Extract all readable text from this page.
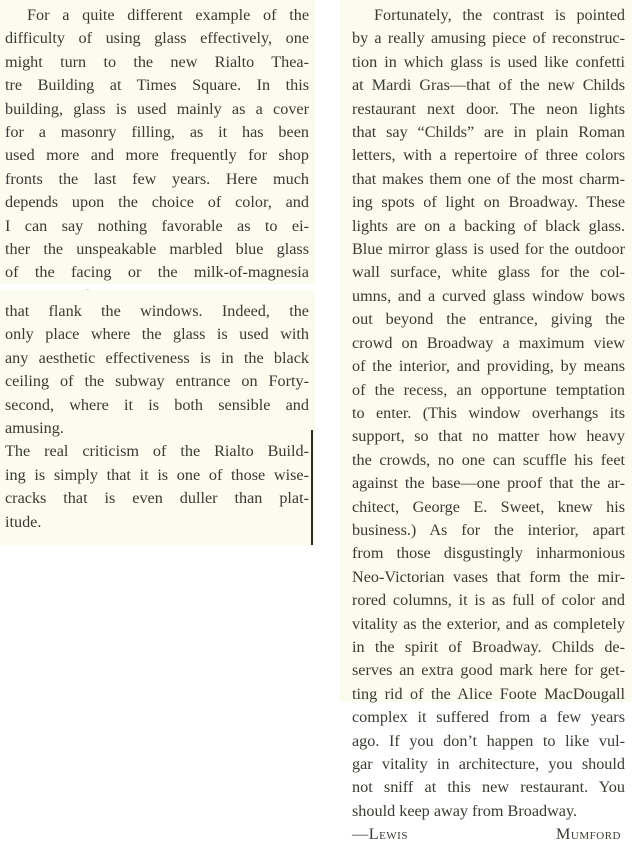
For a quite different example of the
difficulty of using glass effectively, one
might turn to the new Rialto Thea-
tre Building at Times Square. In this
building, glass is used mainly as a cover
for a masonry filling, as it has been
used more and more frequently for shop
fronts the last few years. Here much
depends upon the choice of color, and
I can say nothing favorable as to ei-
ther the unspeakable marbled blue glass
of the facing or the milk-of-magnesia
that flank the windows. Indeed, the
only place where the glass is used with
any aesthetic effectiveness is in the black
ceiling of the subway entrance on Forty-
second, where it is both sensible and
amusing.
The real criticism of the Rialto Build-
ing is simply that it is one of those wise-
cracks that is even duller than plat-
itude.
Fortunately, the contrast is pointed
by a really amusing piece of reconstruc-
tion in which glass is used like confetti
at Mardi Gras—that of the new Childs
restaurant next door. The neon lights
that say “Childs” are in plain Roman
letters, with a repertoire of three colors
that makes them one of the most charm-
ing spots of light on Broadway. These
lights are on a backing of black glass.
Blue mirror glass is used for the outdoor
wall surface, white glass for the col-
umns, and a curved glass window bows
out beyond the entrance, giving the
crowd on Broadway a maximum view
of the interior, and providing, by means
of the recess, an opportune temptation
to enter. (This window overhangs its
support, so that no matter how heavy
the crowds, no one can scuffle his feet
against the base—one proof that the ar-
chitect, George E. Sweet, knew his
business.) As for the interior, apart
from those disgustingly inharmonious
Neo-Victorian vases that form the mir-
rored columns, it is as full of color and
vitality as the exterior, and as completely
in the spirit of Broadway. Childs de-
serves an extra good mark here for get-
ting rid of the Alice Foote MacDougall
complex it suffered from a few years
ago. If you don’t happen to like vul-
gar vitality in architecture, you should
not sniff at this new restaurant. You
should keep away from Broadway.
—Lewis Mumford
